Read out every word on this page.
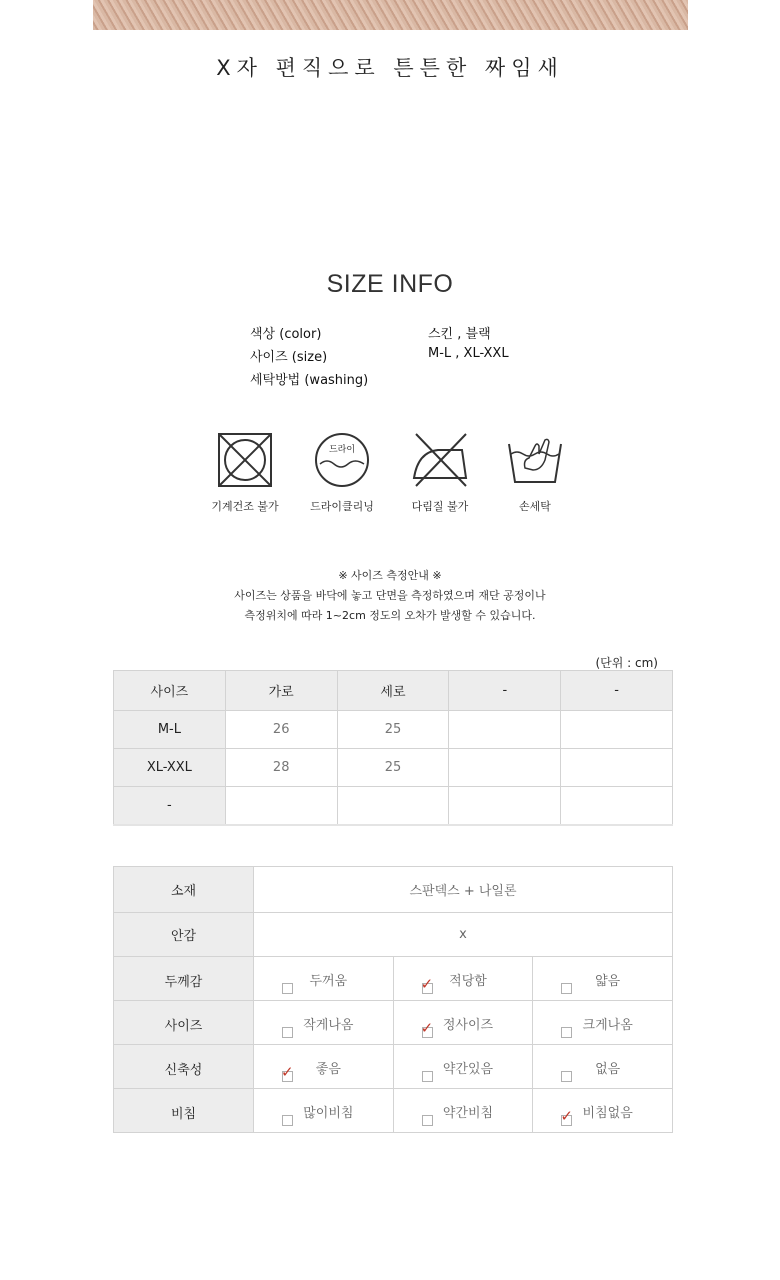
X자 편직으로 튼튼한 짜임새
SIZE INFO
색상 (color)	스킨 , 블랙
사이즈 (size)	M-L , XL-XXL
세탁방법 (washing)
기계건조 불가
드라이
드라이클리닝	다림질 불가	손세탁
※ 사이즈 측정안내 ※
사이즈는 상품을 바닥에 놓고 단면을 측정하였으며 재단 공정이나
측정위치에 따라 1~2cm 정도의 오차가 발생할 수 있습니다.
(단위 : cm)
사이즈	가로	세로	-	-
M-L	26	25		
XL-XXL	28	25		
-				
소재	스판덱스 + 나일론		
안감	x		
두께감	두꺼움	✓ 적당함	얇음

사이즈	작게나옴	✓ 정사이즈	크게나옴

신축성	✓ 좋음	약간있음	없음

비침	많이비침	약간비침	✓ 비침없음
